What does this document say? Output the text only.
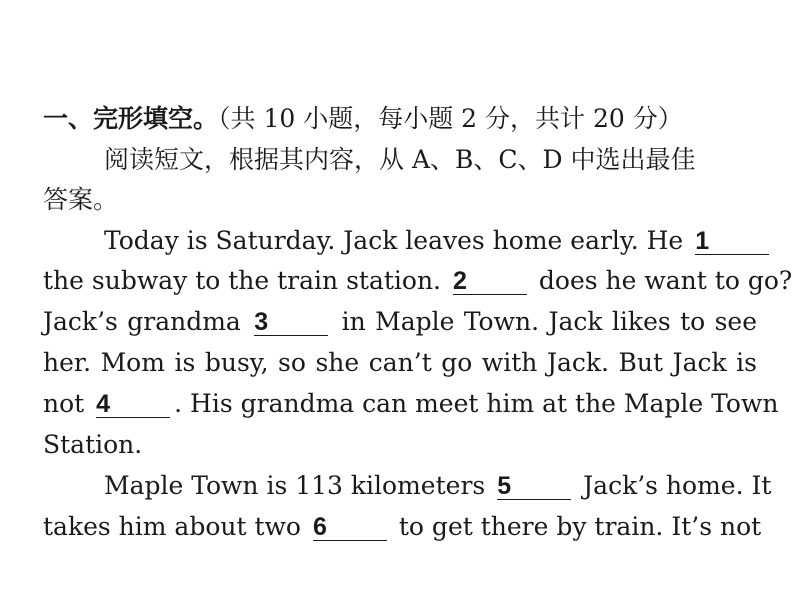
一、完形填空。（共 10 小题，每小题 2 分，共计 20 分）
阅读短文，根据其内容，从 A、B、C、D 中选出最佳
答案。
Today is Saturday. Jack leaves home early. He 1
the subway to the train station. 2	does he want to go?
Jack’s grandma 3	in Maple Town. Jack likes to see
her. Mom is busy, so she can’t go with Jack. But Jack is
not 4	. His grandma can meet him at the Maple Town
Station.
Maple Town is 113 kilometers 5	Jack’s home. It
takes him about two 6	to get there by train. It’s not
